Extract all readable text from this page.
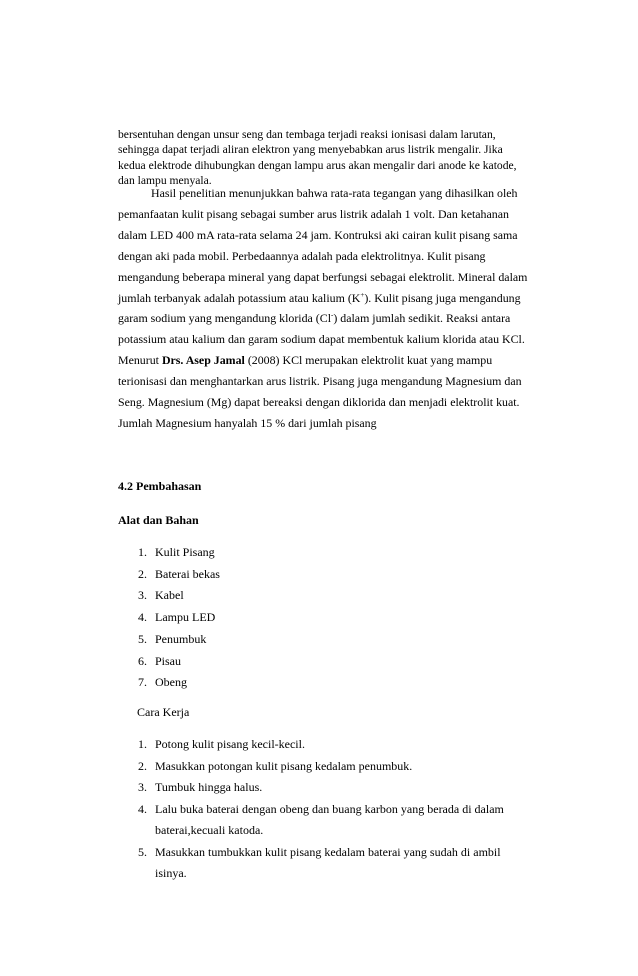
bersentuhan dengan unsur seng dan tembaga terjadi reaksi ionisasi dalam larutan,
sehingga dapat terjadi aliran elektron yang menyebabkan arus listrik mengalir. Jika
kedua elektrode dihubungkan dengan lampu arus akan mengalir dari anode ke katode,
dan lampu menyala.
Hasil penelitian menunjukkan bahwa rata-rata tegangan yang dihasilkan oleh
pemanfaatan kulit pisang sebagai sumber arus listrik adalah 1 volt. Dan ketahanan
dalam LED 400 mA rata-rata selama 24 jam. Kontruksi aki cairan kulit pisang sama
dengan aki pada mobil. Perbedaannya adalah pada elektrolitnya. Kulit pisang
mengandung beberapa mineral yang dapat berfungsi sebagai elektrolit. Mineral dalam
jumlah terbanyak adalah potassium atau kalium (K+). Kulit pisang juga mengandung
garam sodium yang mengandung klorida (Cl-) dalam jumlah sedikit. Reaksi antara
potassium atau kalium dan garam sodium dapat membentuk kalium klorida atau KCl.
Menurut Drs. Asep Jamal (2008) KCl merupakan elektrolit kuat yang mampu
terionisasi dan menghantarkan arus listrik. Pisang juga mengandung Magnesium dan
Seng. Magnesium (Mg) dapat bereaksi dengan diklorida dan menjadi elektrolit kuat.
Jumlah Magnesium hanyalah 15 % dari jumlah pisang

4.2 Pembahasan

Alat dan Bahan

1. Kulit Pisang
2. Baterai bekas
3. Kabel
4. Lampu LED
5. Penumbuk
6. Pisau
7. Obeng

Cara Kerja

1. Potong kulit pisang kecil-kecil.
2. Masukkan potongan kulit pisang kedalam penumbuk.
3. Tumbuk hingga halus.
4. Lalu buka baterai dengan obeng dan buang karbon yang berada di dalam
baterai,kecuali katoda.
5. Masukkan tumbukkan kulit pisang kedalam baterai yang sudah di ambil
isinya.
